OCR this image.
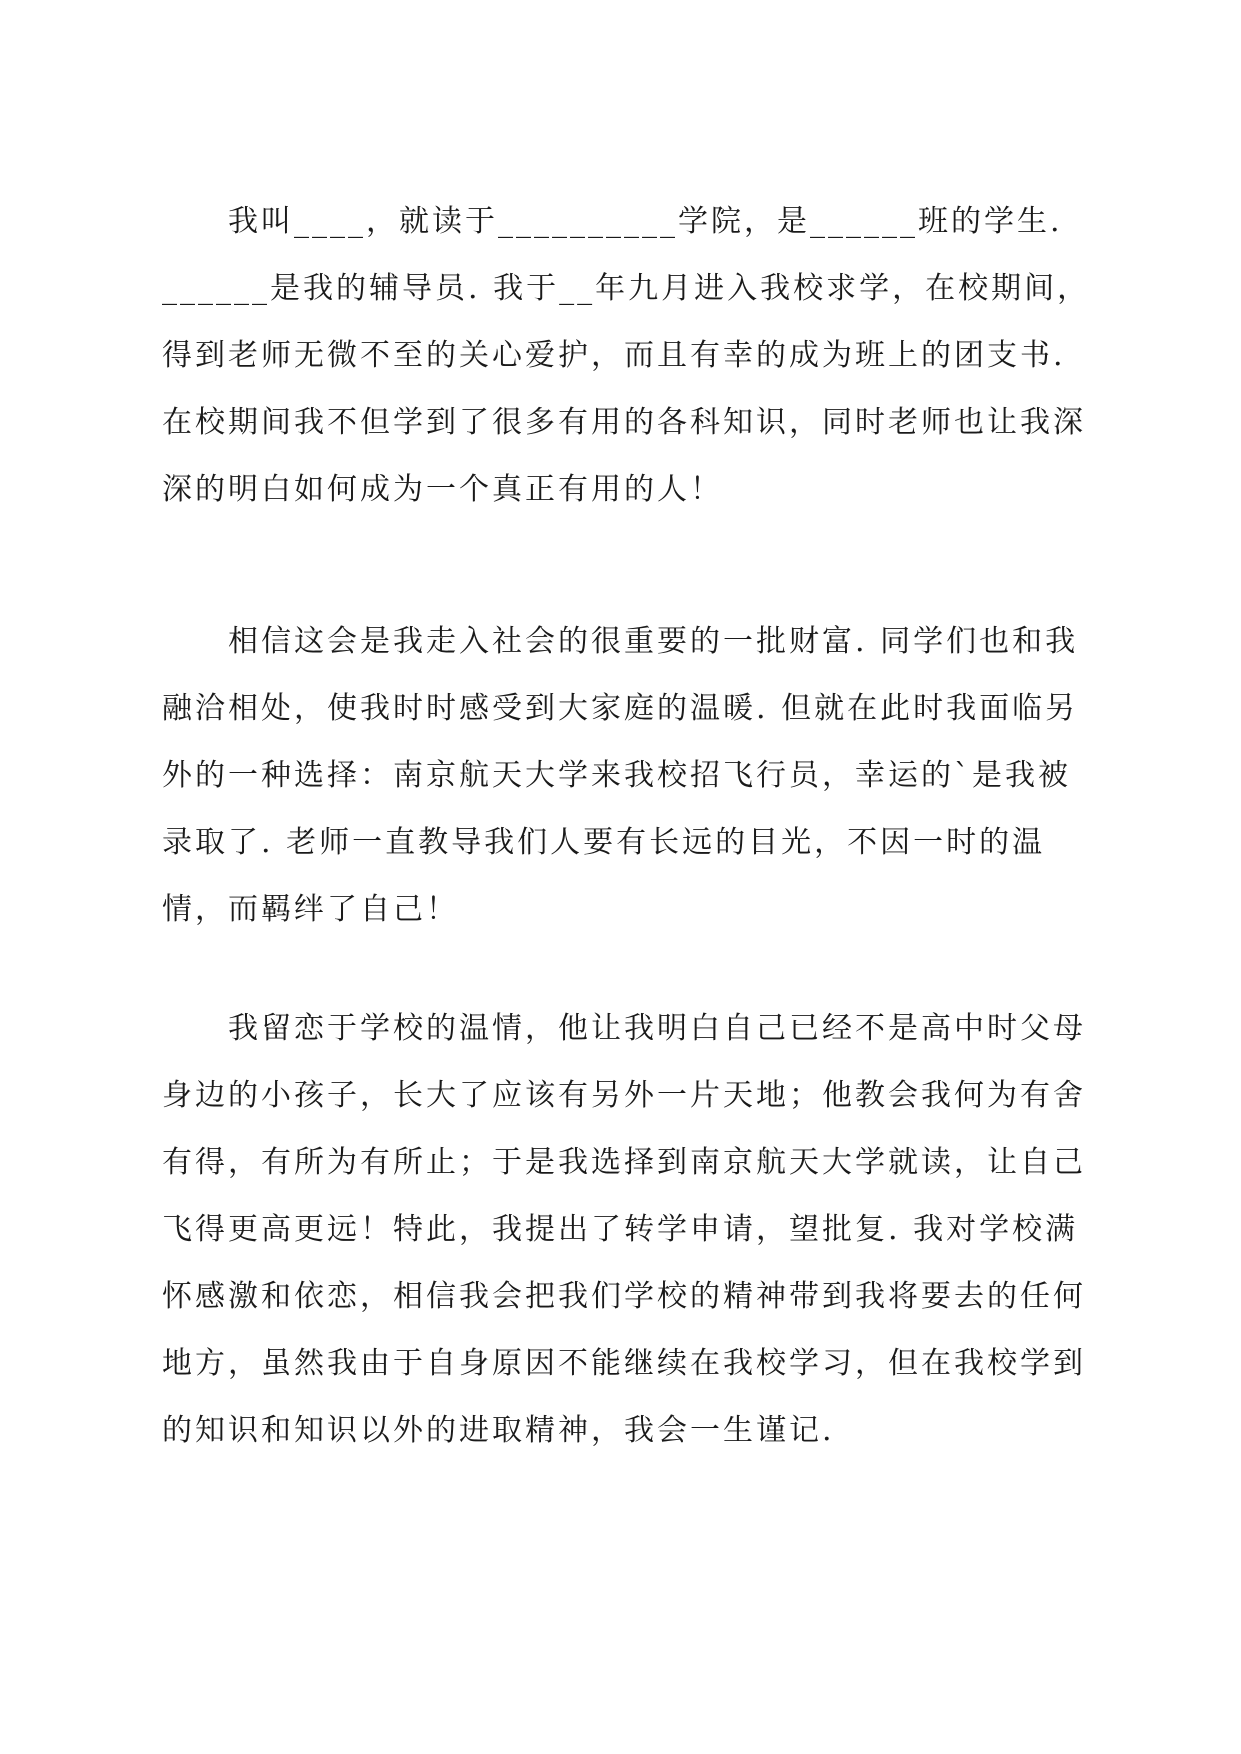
　　我叫____，就读于__________学院，是______班的学生.
______是我的辅导员. 我于__年九月进入我校求学，在校期间，
得到老师无微不至的关心爱护，而且有幸的成为班上的团支书.
在校期间我不但学到了很多有用的各科知识，同时老师也让我深
深的明白如何成为一个真正有用的人！
　　相信这会是我走入社会的很重要的一批财富. 同学们也和我
融洽相处，使我时时感受到大家庭的温暖. 但就在此时我面临另
外的一种选择：南京航天大学来我校招飞行员，幸运的`是我被
录取了. 老师一直教导我们人要有长远的目光，不因一时的温
情，而羁绊了自己！
　　我留恋于学校的温情，他让我明白自己已经不是高中时父母
身边的小孩子，长大了应该有另外一片天地；他教会我何为有舍
有得，有所为有所止；于是我选择到南京航天大学就读，让自己
飞得更高更远！特此，我提出了转学申请，望批复. 我对学校满
怀感激和依恋，相信我会把我们学校的精神带到我将要去的任何
地方，虽然我由于自身原因不能继续在我校学习，但在我校学到
的知识和知识以外的进取精神，我会一生谨记.
